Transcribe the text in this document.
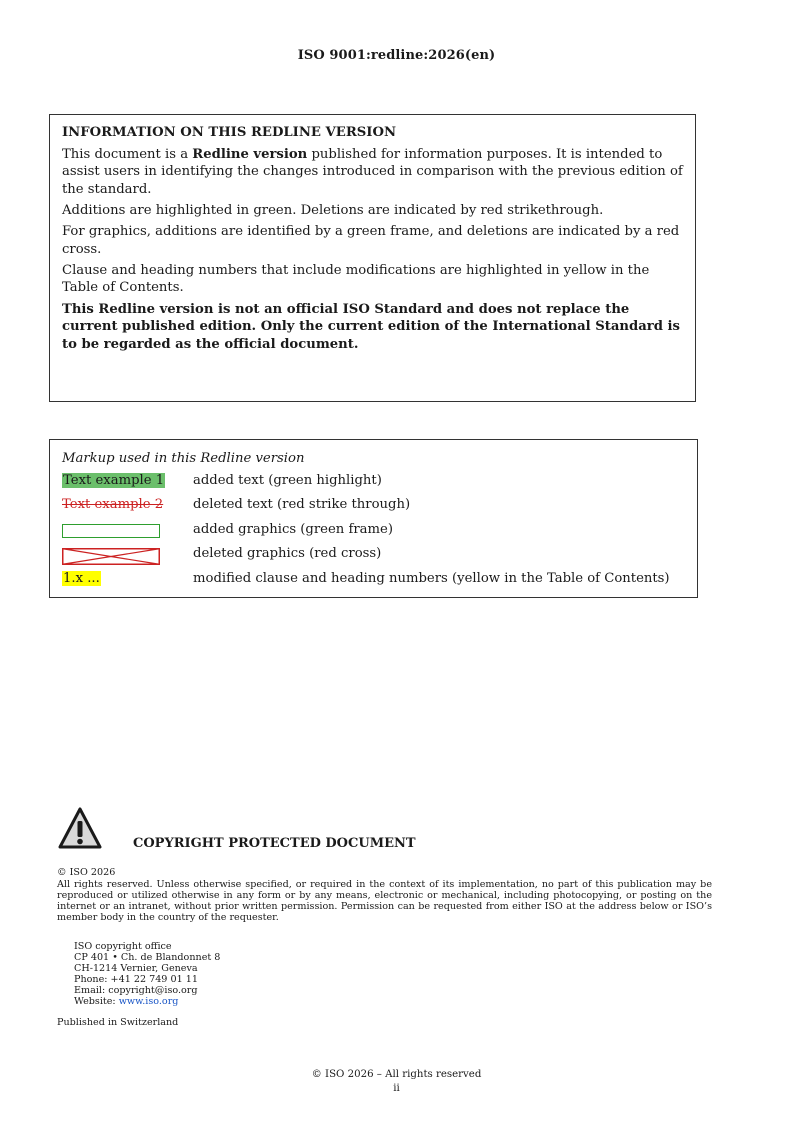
ISO 9001:redline:2026(en)

INFORMATION ON THIS REDLINE VERSION

This document is a Redline version published for information purposes. It is intended to assist users in identifying the changes introduced in comparison with the previous edition of the standard.

Additions are highlighted in green. Deletions are indicated by red strikethrough.

For graphics, additions are identified by a green frame, and deletions are indicated by a red cross.

Clause and heading numbers that include modifications are highlighted in yellow in the Table of Contents.

This Redline version is not an official ISO Standard and does not replace the current published edition. Only the current edition of the International Standard is to be regarded as the official document.

Markup used in this Redline version
Text example 1 added text (green highlight)
Text example 2 deleted text (red strike through)
added graphics (green frame)
deleted graphics (red cross)
1.x ...	modified clause and heading numbers (yellow in the Table of Contents)
COPYRIGHT PROTECTED DOCUMENT
© ISO 2026
All rights reserved. Unless otherwise specified, or required in the context of its implementation, no part of this publication may be reproduced or utilized otherwise in any form or by any means, electronic or mechanical, including photocopying, or posting on the internet or an intranet, without prior written permission. Permission can be requested from either ISO at the address below or ISO’s member body in the country of the requester.
ISO copyright office
CP 401 • Ch. de Blandonnet 8
CH-1214 Vernier, Geneva
Phone: +41 22 749 01 11
Email: copyright@iso.org
Website: www.iso.org
Published in Switzerland
© ISO 2026 – All rights reserved
ii
